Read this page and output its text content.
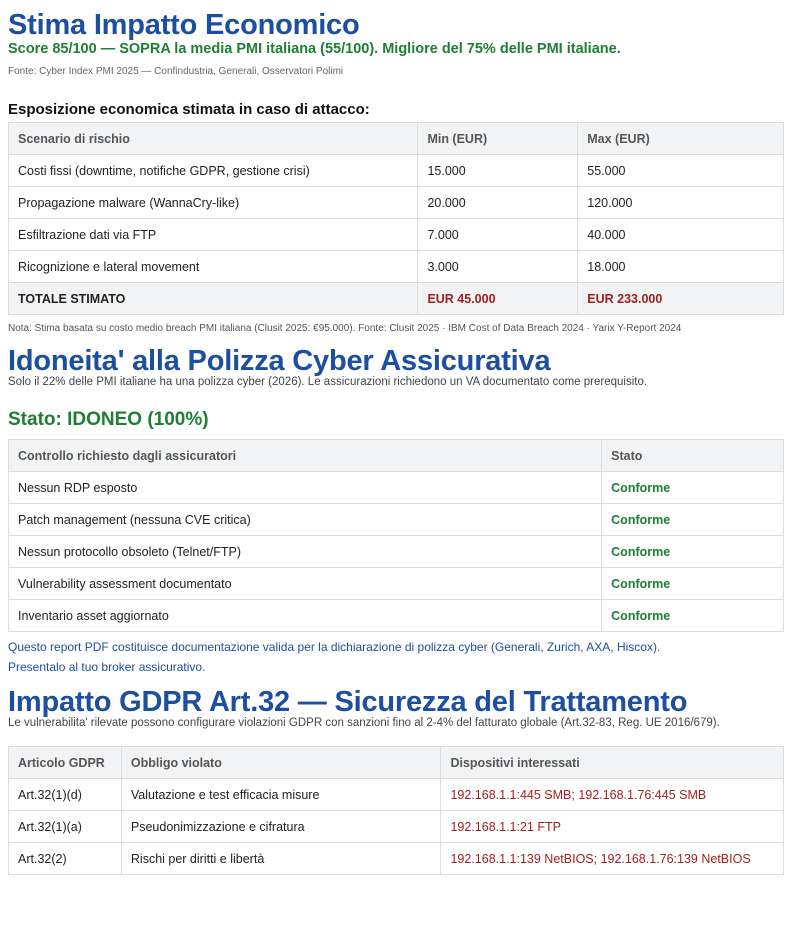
Stima Impatto Economico
Score 85/100 — SOPRA la media PMI italiana (55/100). Migliore del 75% delle PMI italiane.
Fonte: Cyber Index PMI 2025 — Confindustria, Generali, Osservatori Polimi
Esposizione economica stimata in caso di attacco:
Scenario di rischio	Min (EUR)	Max (EUR)
Costi fissi (downtime, notifiche GDPR, gestione crisi)	15.000	55.000
Propagazione malware (WannaCry-like)	20.000	120.000
Esfiltrazione dati via FTP	7.000	40.000
Ricognizione e lateral movement	3.000	18.000
TOTALE STIMATO	EUR 45.000	EUR 233.000
Nota: Stima basata su costo medio breach PMI italiana (Clusit 2025: €95.000). Fonte: Clusit 2025 · IBM Cost of Data Breach 2024 · Yarix Y-Report 2024
Idoneita' alla Polizza Cyber Assicurativa
Solo il 22% delle PMI italiane ha una polizza cyber (2026). Le assicurazioni richiedono un VA documentato come prerequisito.
Stato: IDONEO (100%)
Controllo richiesto dagli assicuratori	Stato
Nessun RDP esposto	Conforme
Patch management (nessuna CVE critica)	Conforme
Nessun protocollo obsoleto (Telnet/FTP)	Conforme
Vulnerability assessment documentato	Conforme
Inventario asset aggiornato	Conforme
Questo report PDF costituisce documentazione valida per la dichiarazione di polizza cyber (Generali, Zurich, AXA, Hiscox).
Presentalo al tuo broker assicurativo.
Impatto GDPR Art.32 — Sicurezza del Trattamento
Le vulnerabilita' rilevate possono configurare violazioni GDPR con sanzioni fino al 2-4% del fatturato globale (Art.32-83, Reg. UE 2016/679).
Articolo GDPR	Obbligo violato	Dispositivi interessati
Art.32(1)(d)	Valutazione e test efficacia misure	192.168.1.1:445 SMB; 192.168.1.76:445 SMB
Art.32(1)(a)	Pseudonimizzazione e cifratura	192.168.1.1:21 FTP
Art.32(2)	Rischi per diritti e libertà	192.168.1.1:139 NetBIOS; 192.168.1.76:139 NetBIOS
